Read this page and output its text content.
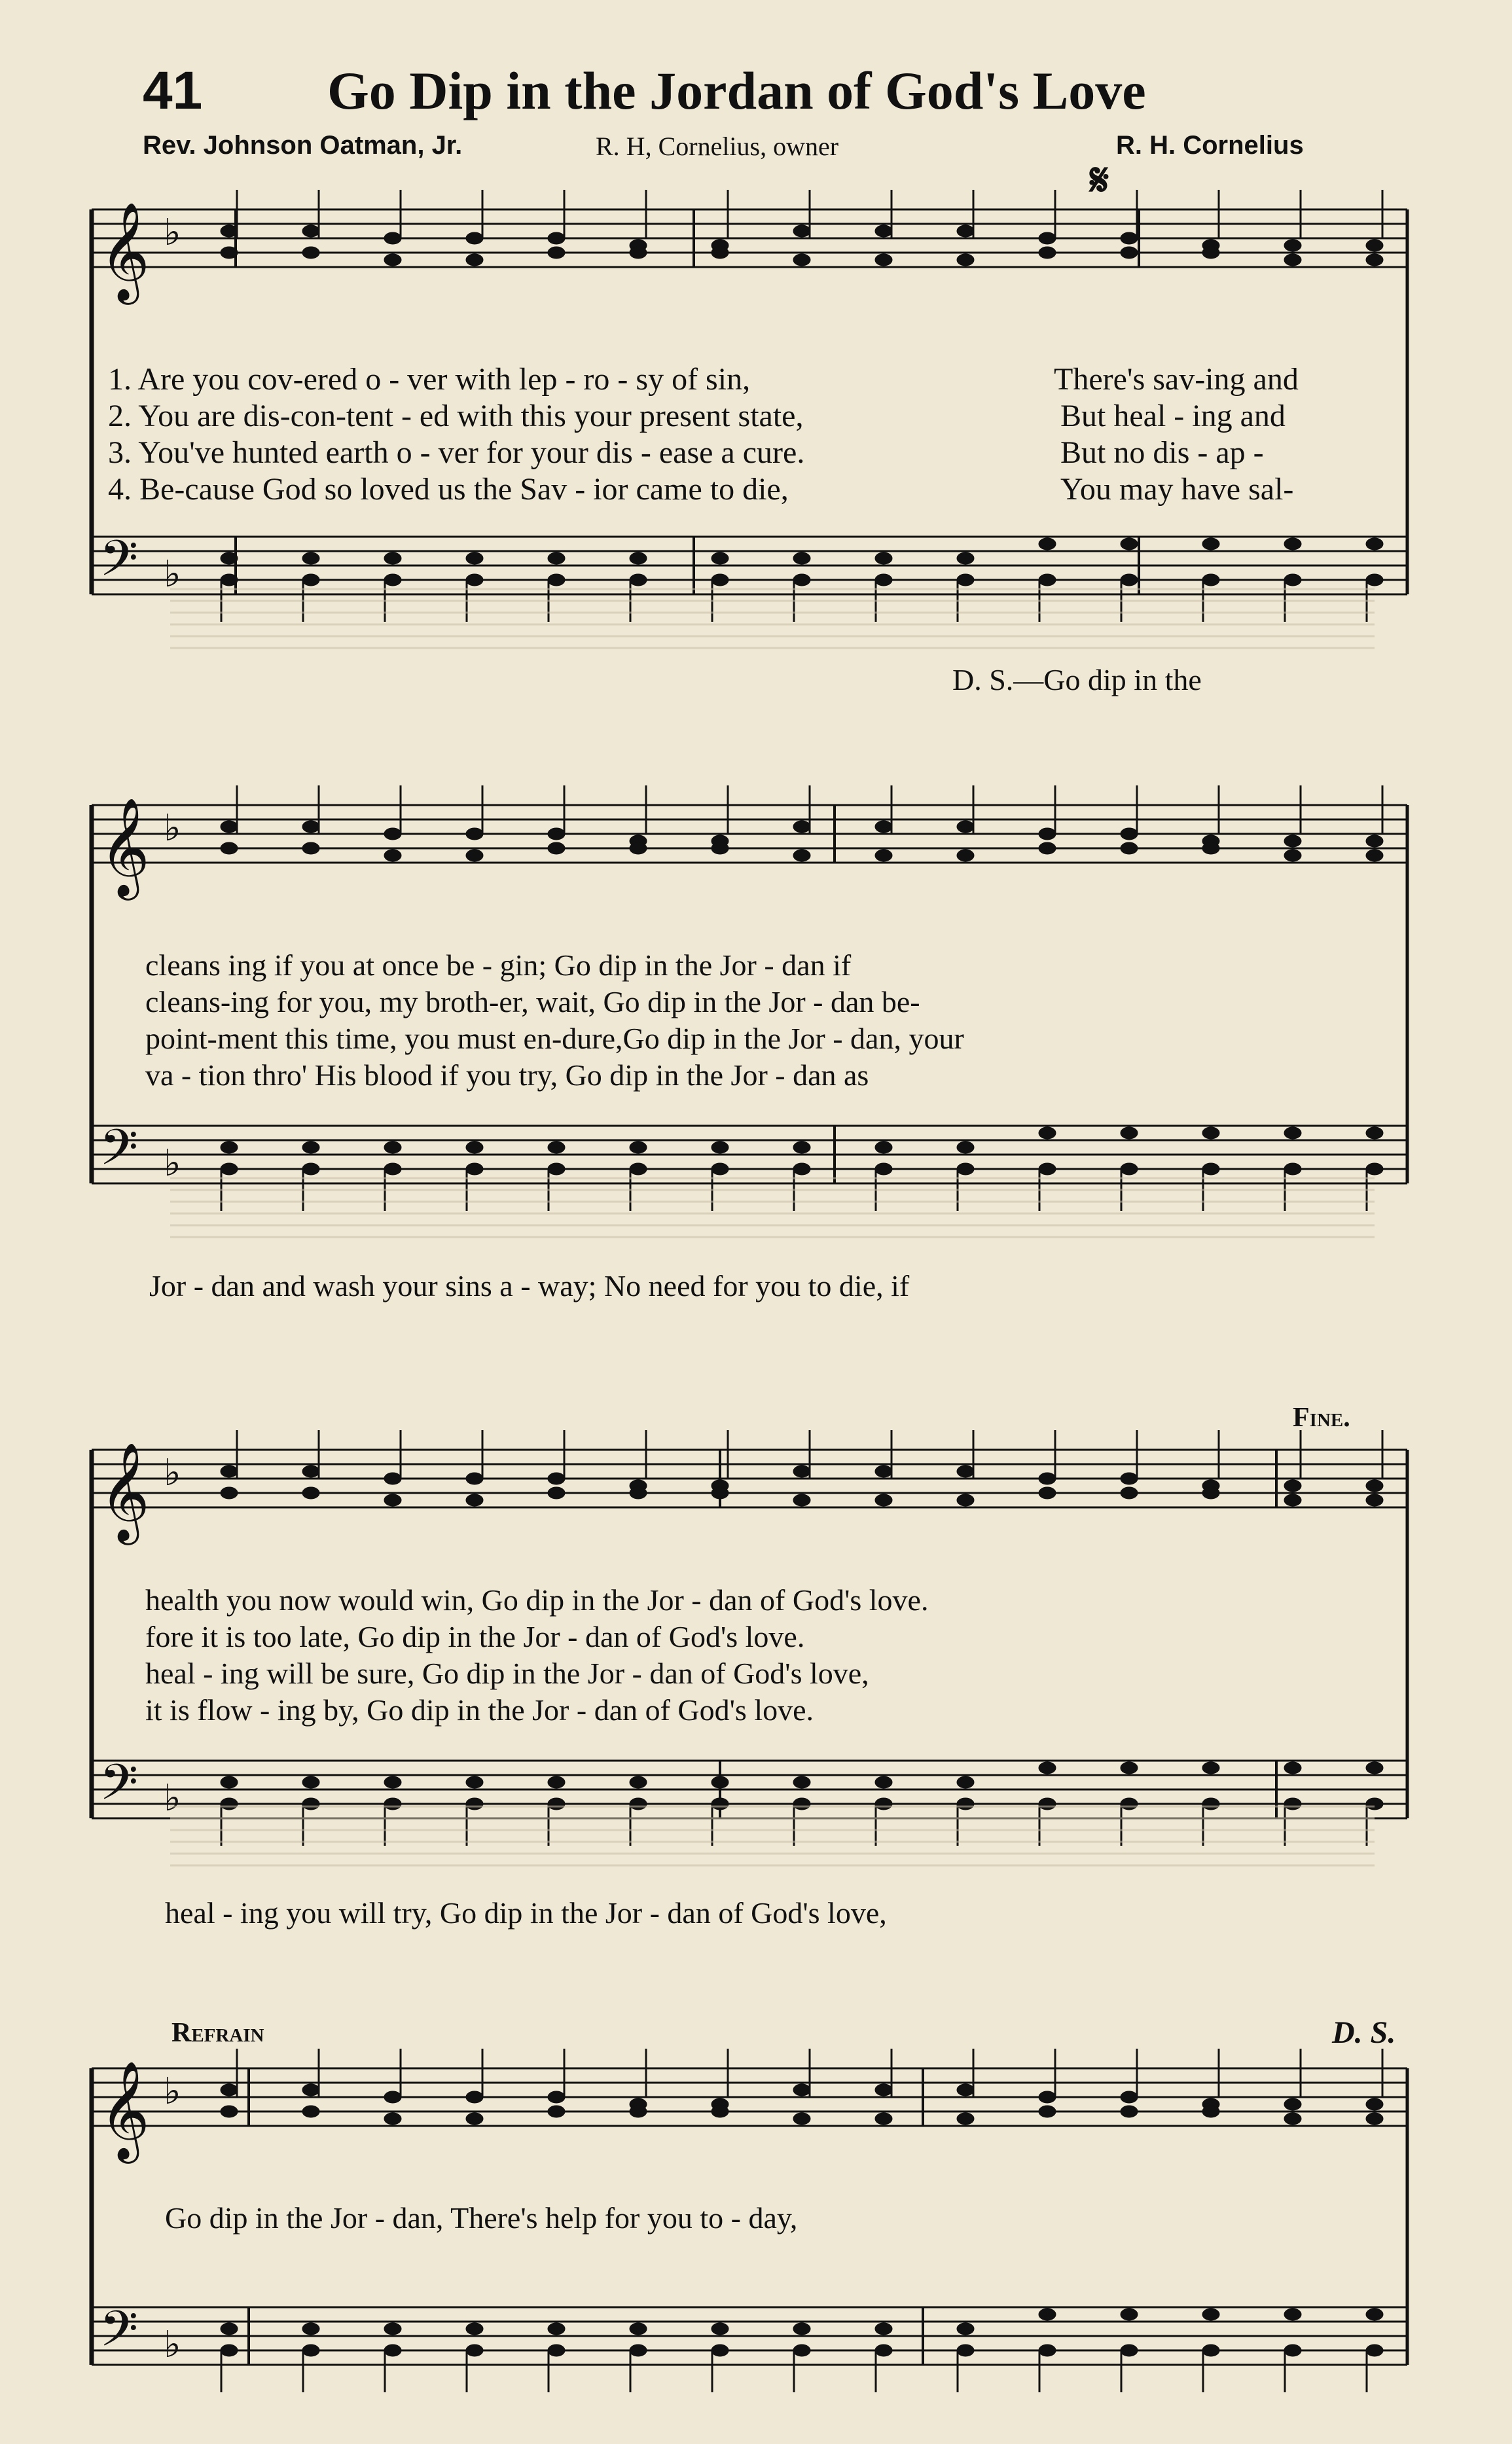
41 Go Dip in the Jordan of God's Love
Rev. Johnson Oatman, Jr.	R. H, Cornelius, owner	R. H. Cornelius
𝄋
𝄞
𝄢
♭
♭
𝄞
𝄢
♭
♭
𝄞
𝄢
♭
♭
𝄞
𝄢
♭
♭
1. Are you cov-ered o - ver with lep - ro - sy of sin,	There's sav-ing and
2. You are dis-con-tent - ed with this your present state,	But heal - ing and
3. You've hunted earth o - ver for your dis - ease a cure.	But no dis - ap -
4. Be-cause God so loved us the Sav - ior came to die,	You may have sal-
D. S.—Go dip in the
cleans ing if you at once be - gin; Go dip in the Jor - dan if
cleans-ing for you, my broth-er, wait, Go dip in the Jor - dan be-
point-ment this time, you must en-dure,Go dip in the Jor - dan, your
va - tion thro' His blood if you try, Go dip in the Jor - dan as
Jor - dan and wash your sins a - way; No need for you to die, if
Fine.
health you now would win, Go dip in the Jor - dan of God's love.
fore it is too late, Go dip in the Jor - dan of God's love.
heal - ing will be sure, Go dip in the Jor - dan of God's love,
it is flow - ing by, Go dip in the Jor - dan of God's love.
heal - ing you will try, Go dip in the Jor - dan of God's love,
Refrain	D. S.
Go dip in the Jor - dan, There's help for you to - day,
